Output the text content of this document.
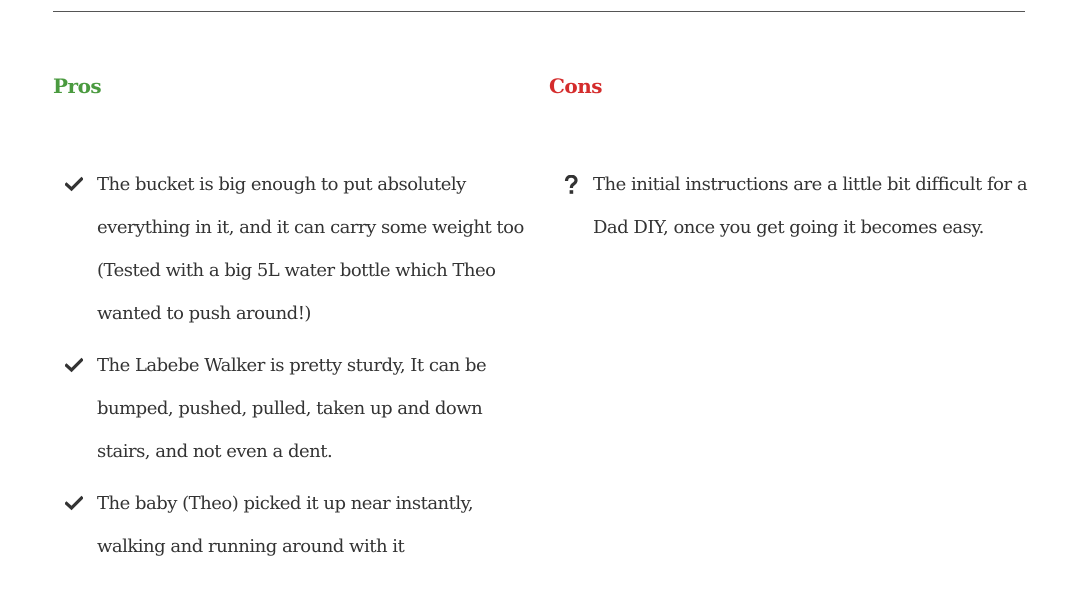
Pros
The bucket is big enough to put absolutely everything in it, and it can carry some weight too (Tested with a big 5L water bottle which Theo wanted to push around!)
The Labebe Walker is pretty sturdy, It can be bumped, pushed, pulled, taken up and down stairs, and not even a dent.
The baby (Theo) picked it up near instantly, walking and running around with it
Cons
The initial instructions are a little bit difficult for a Dad DIY, once you get going it becomes easy.
